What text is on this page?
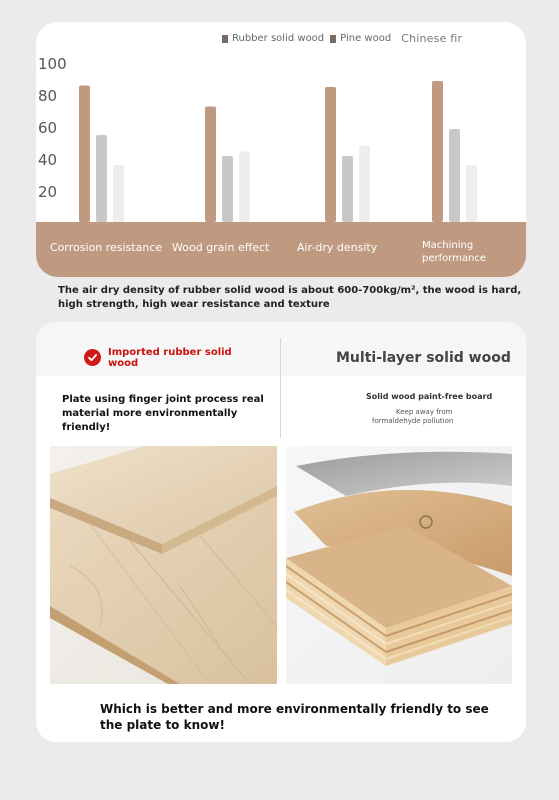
100
80
60
40
20
Corrosion resistance Wood grain effect	Air-dry density	Machining performance
Rubber solid wood Pine wood Chinese fir
The air dry density of rubber solid wood is about 600-700kg/m², the wood is hard, high strength, high wear resistance and texture
Imported rubber solid wood	Multi-layer solid wood
Plate using finger joint process real material more environmentally friendly!
Solid wood paint-free board
Keep away from
formaldehyde pollution
Which is better and more environmentally friendly to see the plate to know!
